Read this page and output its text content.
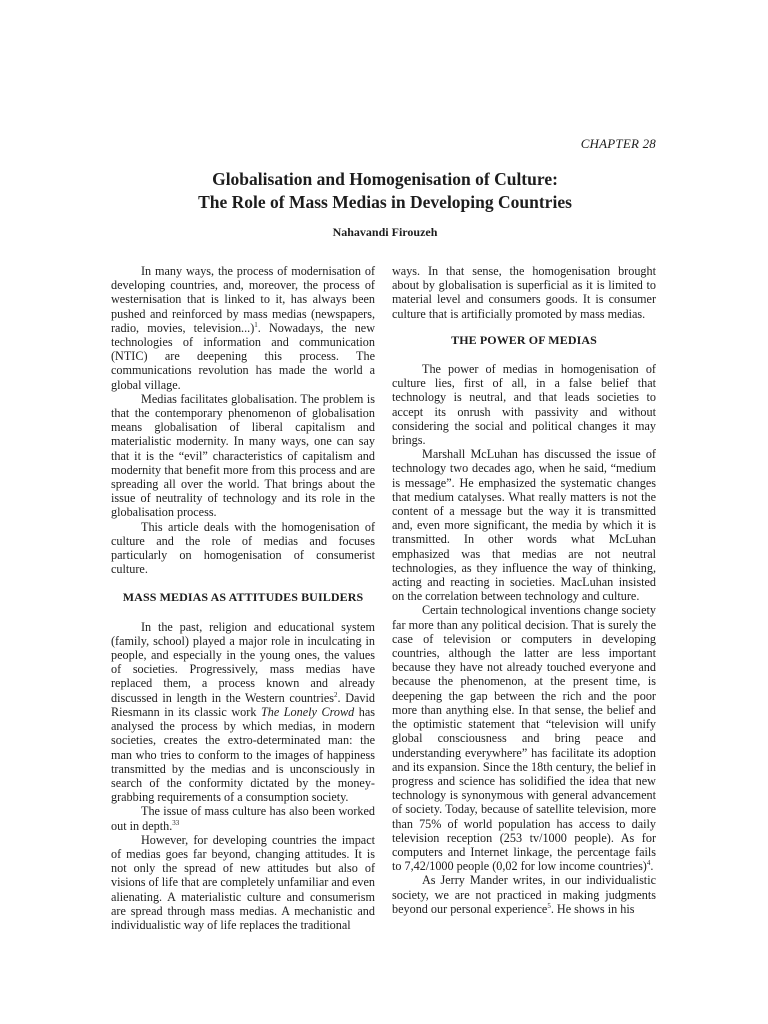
CHAPTER 28
Globalisation and Homogenisation of Culture:
The Role of Mass Medias in Developing Countries
Nahavandi Firouzeh

In many ways, the process of modernisation of developing countries, and, moreover, the process of westernisation that is linked to it, has always been pushed and reinforced by mass medias (newspapers, radio, movies, television...)$^1$. Nowadays, the new technologies of information and communication (NTIC) are deepening this process. The communications revolution has made the world a global village.

Medias facilitates globalisation. The problem is that the contemporary phenomenon of globalisation means globalisation of liberal capitalism and materialistic modernity. In many ways, one can say that it is the “evil” characteristics of capitalism and modernity that benefit more from this process and are spreading all over the world. That brings about the issue of neutrality of technology and its role in the globalisation process.

This article deals with the homogenisation of culture and the role of medias and focuses particularly on homogenisation of consumerist culture.

MASS MEDIAS AS ATTITUDES BUILDERS

In the past, religion and educational system (family, school) played a major role in inculcating in people, and especially in the young ones, the values of societies. Progressively, mass medias have replaced them, a process known and already discussed in length in the Western countries$^2$. David Riesmann in its classic work The Lonely Crowd has analysed the process by which medias, in modern societies, creates the extro-determinated man: the man who tries to conform to the images of happiness transmitted by the medias and is unconsciously in search of the conformity dictated by the money-grabbing requirements of a consumption society.

The issue of mass culture has also been worked out in depth.$^{33}$

However, for developing countries the impact of medias goes far beyond, changing attitudes. It is not only the spread of new attitudes but also of visions of life that are completely unfamiliar and even alienating. A materialistic culture and consumerism are spread through mass medias. A mechanistic and individualistic way of life replaces the traditional

ways. In that sense, the homogenisation brought about by globalisation is superficial as it is limited to material level and consumers goods. It is consumer culture that is artificially promoted by mass medias.

THE POWER OF MEDIAS

The power of medias in homogenisation of culture lies, first of all, in a false belief that technology is neutral, and that leads societies to accept its onrush with passivity and without considering the social and political changes it may brings.

Marshall McLuhan has discussed the issue of technology two decades ago, when he said, “medium is message”. He emphasized the systematic changes that medium catalyses. What really matters is not the content of a message but the way it is transmitted and, even more significant, the media by which it is transmitted. In other words what McLuhan emphasized was that medias are not neutral technologies, as they influence the way of thinking, acting and reacting in societies. MacLuhan insisted on the correlation between technology and culture.

Certain technological inventions change society far more than any political decision. That is surely the case of television or computers in developing countries, although the latter are less important because they have not already touched everyone and because the phenomenon, at the present time, is deepening the gap between the rich and the poor more than anything else. In that sense, the belief and the optimistic statement that “television will unify global consciousness and bring peace and understanding everywhere” has facilitate its adoption and its expansion. Since the 18th century, the belief in progress and science has solidified the idea that new technology is synonymous with general advancement of society. Today, because of satellite television, more than 75% of world population has access to daily television reception (253 tv/1000 people). As for computers and Internet linkage, the percentage fails to 7,42/1000 people (0,02 for low income countries)$^4$.

As Jerry Mander writes, in our individualistic society, we are not practiced in making judgments beyond our personal experience$^5$. He shows in his
